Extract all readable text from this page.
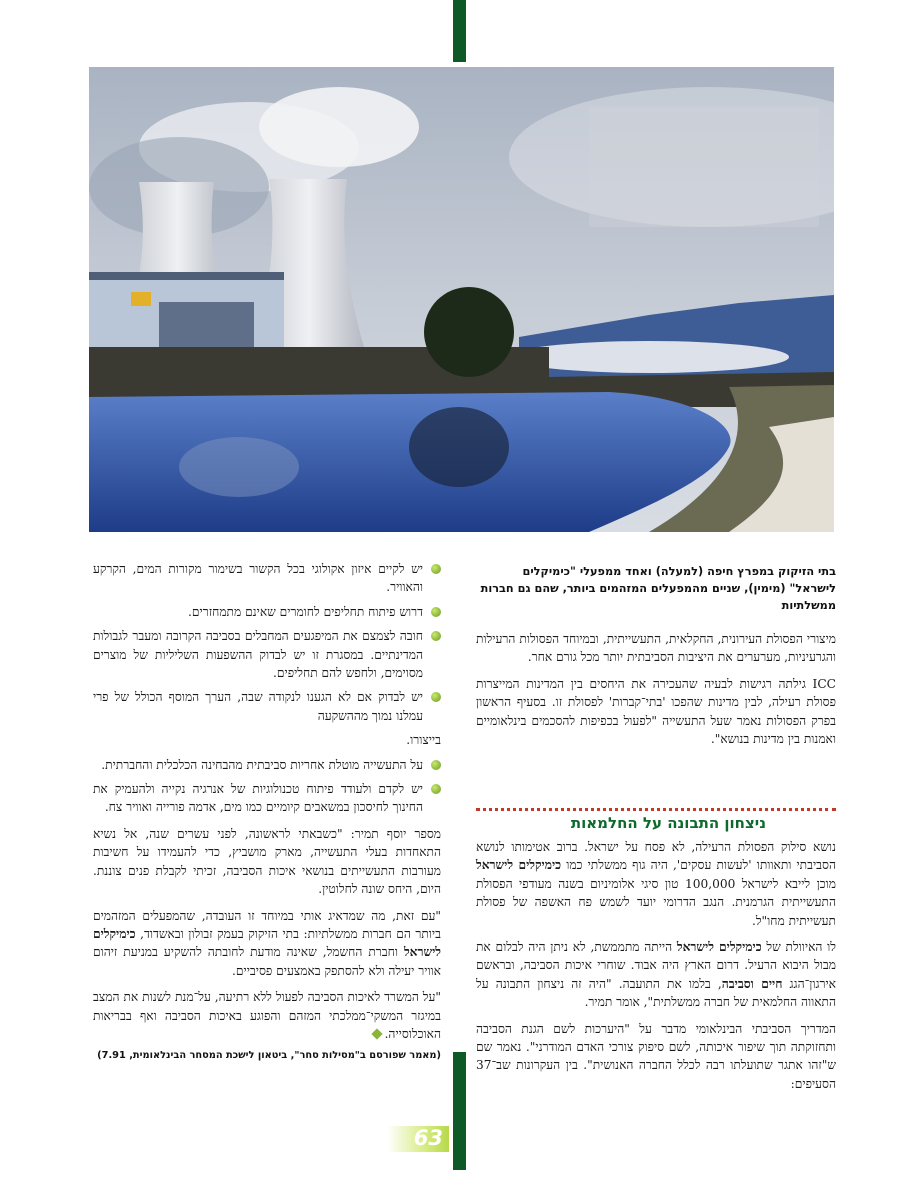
בתי הזיקוק במפרץ חיפה (למעלה) ואחד ממפעלי "כימיקלים לישראל" (מימין), שניים מהמפעלים המזהמים ביותר, שהם גם חברות ממשלתיות

מיצורי הפסולת העירונית, החקלאית, התעשייתית, ובמיוחד הפסולות הרעילות והגרעיניות, מערערים את היציבות הסביבתית יותר מכל גורם אחר.

ICC גילתה רגישות לבעיה שהעכירה את היחסים בין המדינות המייצרות פסולת רעילה, לבין מדינות שהפכו 'בתי־קברות' לפסולת זו. בסעיף הראשון בפרק הפסולות נאמר שעל התעשייה "לפעול בכפיפות להסכמים בינלאומיים ואמנות בין מדינות בנושא".

ניצחון התבונה על החלמאות

נושא סילוק הפסולת הרעילה, לא פסח על ישראל. ברוב אטימותו לנושא הסביבתי ותאוותו 'לעשות עסקים', היה גוף ממשלתי כמו כימיקלים לישראל מוכן לייבא לישראל 100,000 טון סיגי אלומיניום בשנה מעודפי הפסולת התעשייתית הגרמנית. הנגב הדרומי יועד לשמש פח האשפה של פסולת תעשייתית מחו"ל.

לו האיוולת של כימיקלים לישראל הייתה מתממשת, לא ניתן היה לבלום את מבול היבוא הרעיל. דרום הארץ היה אבוד. שוחרי איכות הסביבה, ובראשם אירגון־הגג חיים וסביבה, בלמו את התועבה. "היה זה ניצחון התבונה על התאווה החלמאית של חברה ממשלתית", אומר תמיר.

המדריך הסביבתי הבינלאומי מדבר על "היערכות לשם הגנת הסביבה ותחזוקתה תוך שיפור איכותה, לשם סיפוק צורכי האדם המודרני". נאמר שם ש"זהו אתגר שתועלתו רבה לכלל החברה האנושית". בין העקרונות שב־37 הסעיפים:

יש לקיים איזון אקולוגי בכל הקשור בשימור מקורות המים, הקרקע והאוויר.
דרוש פיתוח תחליפים לחומרים שאינם מתמחזרים.
חובה לצמצם את המיפגעים המחבלים בסביבה הקרובה ומעבר לגבולות המדינתיים. במסגרת זו יש לבדוק ההשפעות השליליות של מוצרים מסוימים, ולחפש להם תחליפים.
יש לבדוק אם לא הגענו לנקודה שבה, הערך המוסף הכולל של פרי עמלנו נמוך מההשקעה
בייצורו.
על התעשייה מוטלת אחריות סביבתית מהבחינה הכלכלית והחברתית.
יש לקדם ולעודד פיתוח טכנולוגיות של אנרגיה נקייה ולהעמיק את החינוך לחיסכון במשאבים קיומיים כמו מים, אדמה פורייה ואוויר צח.

מספר יוסף תמיר: "כשבאתי לראשונה, לפני עשרים שנה, אל נשיא התאחדות בעלי התעשייה, מארק מושביץ, כדי להעמידו על חשיבות מעורבות התעשייתים בנושאי איכות הסביבה, זכיתי לקבלת פנים צוננת. היום, היחס שונה לחלוטין.

"עם זאת, מה שמדאיג אותי במיוחד זו העובדה, שהמפעלים המזהמים ביותר הם חברות ממשלתיות: בתי הזיקוק בעמק זבולון ובאשדוד, כימיקלים לישראל וחברת החשמל, שאינה מודעת לחובתה להשקיע במניעת זיהום אוויר יעילה ולא להסתפק באמצעים פסיביים.

"על המשרד לאיכות הסביבה לפעול ללא רתיעה, על־מנת לשנות את המצב במיגזר המשקי־ממלכתי המזהם והפוגע באיכות הסביבה ואף בבריאות האוכלוסייה.

(מאמר שפורסם ב"מסילות סחר", ביטאון לישכת המסחר הבינלאומית, 7.91)
63
